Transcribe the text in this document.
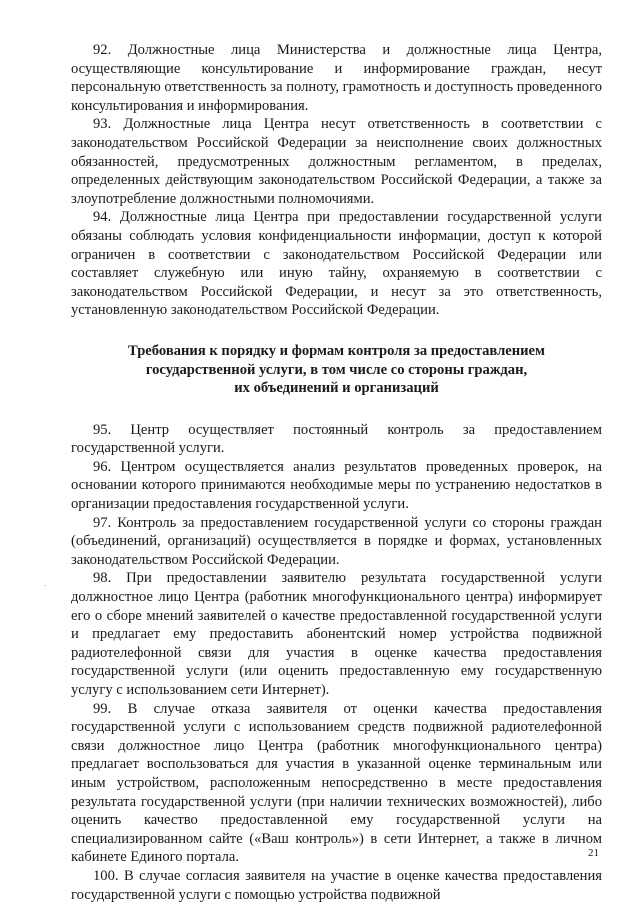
92. Должностные лица Министерства и должностные лица Центра, осуществляющие консультирование и информирование граждан, несут персональную ответственность за полноту, грамотность и доступность проведенного консультирования и информирования.

93. Должностные лица Центра несут ответственность в соответствии с законодательством Российской Федерации за неисполнение своих должностных обязанностей, предусмотренных должностным регламентом, в пределах, определенных действующим законодательством Российской Федерации, а также за злоупотребление должностными полномочиями.

94. Должностные лица Центра при предоставлении государственной услуги обязаны соблюдать условия конфиденциальности информации, доступ к которой ограничен в соответствии с законодательством Российской Федерации или составляет служебную или иную тайну, охраняемую в соответствии с законодательством Российской Федерации, и несут за это ответственность, установленную законодательством Российской Федерации.

Требования к порядку и формам контроля за предоставлением
государственной услуги, в том числе со стороны граждан,
их объединений и организаций

95. Центр осуществляет постоянный контроль за предоставлением государственной услуги.

96. Центром осуществляется анализ результатов проведенных проверок, на основании которого принимаются необходимые меры по устранению недостатков в организации предоставления государственной услуги.

97. Контроль за предоставлением государственной услуги со стороны граждан (объединений, организаций) осуществляется в порядке и формах, установленных законодательством Российской Федерации.

98. При предоставлении заявителю результата государственной услуги должностное лицо Центра (работник многофункционального центра) информирует его о сборе мнений заявителей о качестве предоставленной государственной услуги и предлагает ему предоставить абонентский номер устройства подвижной радиотелефонной связи для участия в оценке качества предоставления государственной услуги (или оценить предоставленную ему государственную услугу с использованием сети Интернет).

99. В случае отказа заявителя от оценки качества предоставления государственной услуги с использованием средств подвижной радиотелефонной связи должностное лицо Центра (работник многофункционального центра) предлагает воспользоваться для участия в указанной оценке терминальным или иным устройством, расположенным непосредственно в месте предоставления результата государственной услуги (при наличии технических возможностей), либо оценить качество предоставленной ему государственной услуги на специализированном сайте («Ваш контроль») в сети Интернет, а также в личном кабинете Единого портала.

100. В случае согласия заявителя на участие в оценке качества предоставления государственной услуги с помощью устройства подвижной

.
21
